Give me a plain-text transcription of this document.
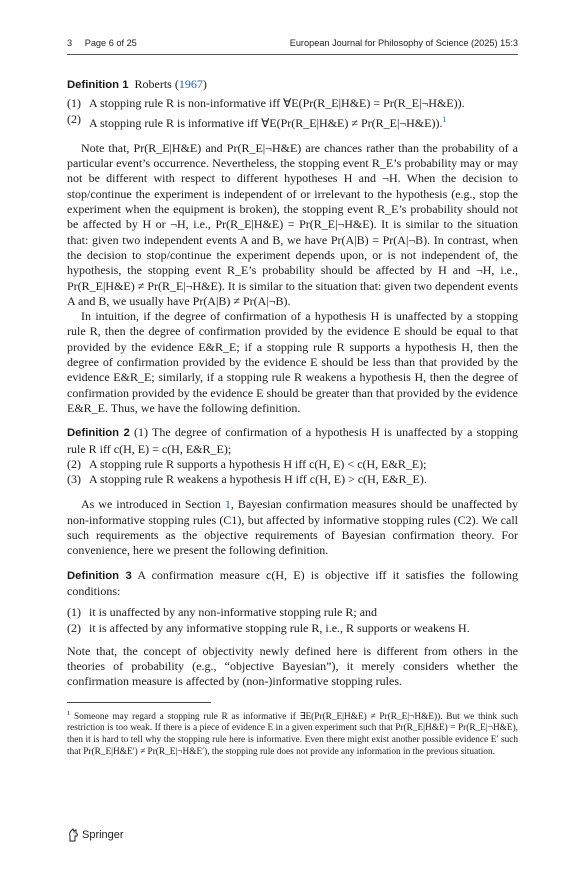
3 Page 6 of 25	European Journal for Philosophy of Science (2025) 15:3
Definition 1 Roberts (1967)
(1) A stopping rule R is non-informative iff ∀E(Pr(R_E|H&E) = Pr(R_E|¬H&E)).
(2) A stopping rule R is informative iff ∀E(Pr(R_E|H&E) ≠ Pr(R_E|¬H&E)).$^1$

Note that, Pr(R_E|H&E) and Pr(R_E|¬H&E) are chances rather than the probability of a particular event’s occurrence. Nevertheless, the stopping event R_E’s probability may or may not be different with respect to different hypotheses H and ¬H. When the decision to stop/continue the experiment is independent of or irrelevant to the hypothesis (e.g., stop the experiment when the equipment is broken), the stopping event R_E’s probability should not be affected by H or ¬H, i.e., Pr(R_E|H&E) = Pr(R_E|¬H&E). It is similar to the situation that: given two independent events A and B, we have Pr(A|B) = Pr(A|¬B). In contrast, when the decision to stop/continue the experiment depends upon, or is not independent of, the hypothesis, the stopping event R_E’s probability should be affected by H and ¬H, i.e., Pr(R_E|H&E) ≠ Pr(R_E|¬H&E). It is similar to the situation that: given two dependent events A and B, we usually have Pr(A|B) ≠ Pr(A|¬B).

In intuition, if the degree of confirmation of a hypothesis H is unaffected by a stopping rule R, then the degree of confirmation provided by the evidence E should be equal to that provided by the evidence E&R_E; if a stopping rule R supports a hypothesis H, then the degree of confirmation provided by the evidence E should be less than that provided by the evidence E&R_E; similarly, if a stopping rule R weakens a hypothesis H, then the degree of confirmation provided by the evidence E should be greater than that provided by the evidence E&R_E. Thus, we have the following definition.

Definition 2 (1) The degree of confirmation of a hypothesis H is unaffected by a stopping rule R iff c(H, E) = c(H, E&R_E);
(2) A stopping rule R supports a hypothesis H iff c(H, E) < c(H, E&R_E);
(3) A stopping rule R weakens a hypothesis H iff c(H, E) > c(H, E&R_E).

As we introduced in Section 1, Bayesian confirmation measures should be unaffected by non-informative stopping rules (C1), but affected by informative stopping rules (C2). We call such requirements as the objective requirements of Bayesian confirmation theory. For convenience, here we present the following definition.

Definition 3 A confirmation measure c(H, E) is objective iff it satisfies the following conditions:

(1) it is unaffected by any non-informative stopping rule R; and
(2) it is affected by any informative stopping rule R, i.e., R supports or weakens H.

Note that, the concept of objectivity newly defined here is different from others in the theories of probability (e.g., “objective Bayesian”), it merely considers whether the confirmation measure is affected by (non-)informative stopping rules.

$^1$ Someone may regard a stopping rule R as informative if ∃E(Pr(R_E|H&E) ≠ Pr(R_E|¬H&E)). But we think such restriction is too weak. If there is a piece of evidence E in a given experiment such that Pr(R_E|H&E) = Pr(R_E|¬H&E), then it is hard to tell why the stopping rule here is informative. Even there might exist another possible evidence E′ such that Pr(R_E|H&E′) ≠ Pr(R_E|¬H&E′), the stopping rule does not provide any information in the previous situation.

Springer
